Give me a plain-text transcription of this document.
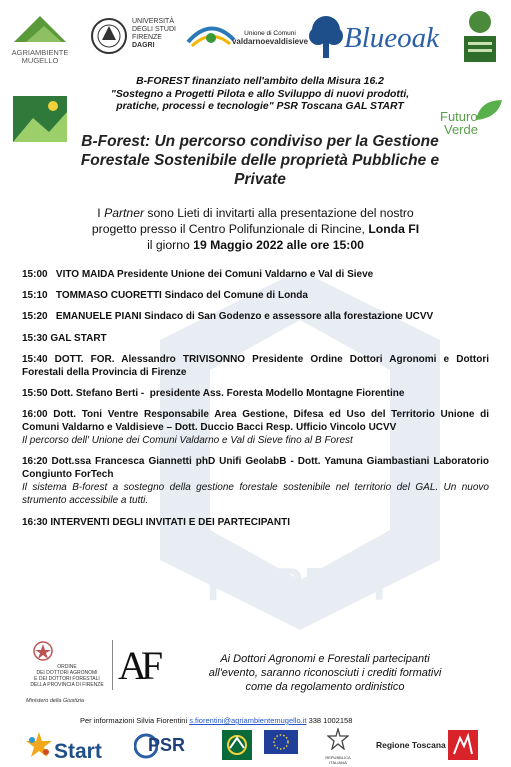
FOREST
AGRIAMBIENTE MUGELLO
UNIVERSITÀ
DEGLI STUDI
FIRENZE
DAGRI
Unione di Comuni
valdarnoevaldisieve Blueoak
B-FOREST finanziato nell'ambito della Misura 16.2
"Sostegno a Progetti Pilota e allo Sviluppo di nuovi prodotti,
pratiche, processi e tecnologie" PSR Toscana GAL START
Futuro
Verde
B-Forest: Un percorso condiviso per la Gestione Forestale Sostenibile delle proprietà Pubbliche e Private
I Partner sono Lieti di invitarti alla presentazione del nostro
progetto presso il Centro Polifunzionale di Rincine, Londa FI
il giorno 19 Maggio 2022 alle ore 15:00
15:00   VITO MAIDA Presidente Unione dei Comuni Valdarno e Val di Sieve
15:10   TOMMASO CUORETTI Sindaco del Comune di Londa
15:20   EMANUELE PIANI Sindaco di San Godenzo e assessore alla forestazione UCVV
15:30 GAL START
15:40 DOTT. FOR. Alessandro TRIVISONNO Presidente Ordine Dottori Agronomi e Dottori Forestali della Provincia di Firenze
15:50 Dott. Stefano Berti -  presidente Ass. Foresta Modello Montagne Fiorentine
16:00 Dott. Toni Ventre Responsabile Area Gestione, Difesa ed Uso del Territorio Unione di Comuni Valdarno e Valdisieve – Dott. Duccio Bacci Resp. Ufficio Vincolo UCVV
Il percorso dell' Unione dei Comuni Valdarno e Val di Sieve fino al B Forest
16:20 Dott.ssa Francesca Giannetti phD Unifi GeolabB - Dott. Yamuna Giambastiani Laboratorio Congiunto ForTech
Il sistema B-forest a sostegno della gestione forestale sostenibile nel territorio del GAL. Un nuovo strumento accessibile a tutti.
16:30 INTERVENTI DEGLI INVITATI E DEI PARTECIPANTI
ORDINE
DEI DOTTORI AGRONOMI
E DEI DOTTORI FORESTALI
DELLA PROVINCIA DI FIRENZE
Ministero della Giustizia
AF	Ai Dottori Agronomi e Forestali partecipanti
all'evento, saranno riconosciuti i crediti formativi
come da regolamento ordinistico
Per informazioni Silvia Fiorentini s.fiorentini@agriambientemugello.it 338 1002158
Start	PSR
REPUBBLICA ITALIANA
Regione Toscana
